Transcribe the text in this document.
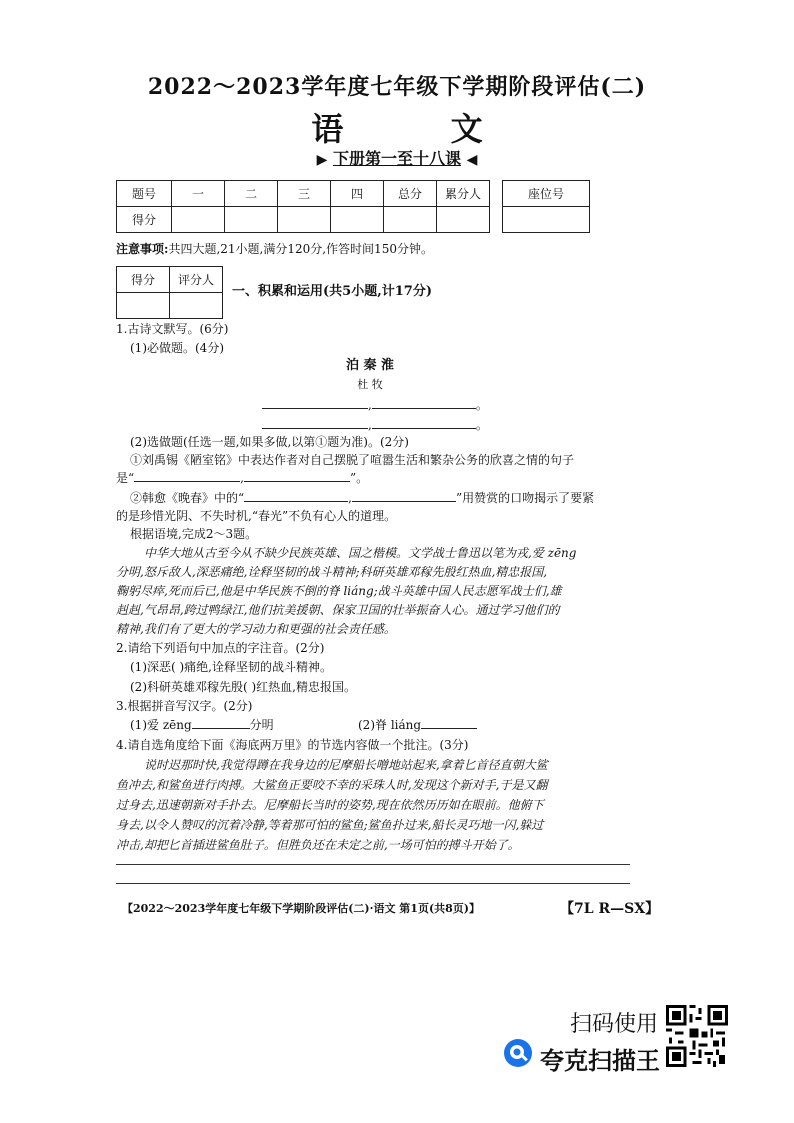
2022～2023学年度七年级下学期阶段评估(二)
语 文
▶ 下册第一至十八课 ◀
题号	一	二	三	四	总分	累分人
得分						
座位号

注意事项:共四大题,21小题,满分120分,作答时间150分钟。
得分	评分人

一、积累和运用(共5小题,计17分)
1.古诗文默写。(6分)
(1)必做题。(4分)
泊 秦 淮
杜 牧
,	。
,	。
(2)选做题(任选一题,如果多做,以第①题为准)。(2分)
①刘禹锡《陋室铭》中表达作者对自己摆脱了喧嚣生活和繁杂公务的欣喜之情的句子
是“	,	”。
②韩愈《晚春》中的“	,	”用赞赏的口吻揭示了要紧
的是珍惜光阴、不失时机,“春光”不负有心人的道理。
根据语境,完成2～3题。
中华大地从古至今从不缺少民族英雄、国之楷模。文学战士鲁迅以笔为戎,爱 zēng
分明,怒斥敌人,深恶痛绝,诠释坚韧的战斗精神;科研英雄邓稼先殷红热血,精忠报国,
鞠躬尽瘁,死而后已,他是中华民族不倒的脊 liáng;战斗英雄中国人民志愿军战士们,雄
赳赳,气昂昂,跨过鸭绿江,他们抗美援朝、保家卫国的壮举振奋人心。通过学习他们的
精神,我们有了更大的学习动力和更强的社会责任感。
2.请给下列语句中加点的字注音。(2分)
(1)深恶( )痛绝,诠释坚韧的战斗精神。
(2)科研英雄邓稼先殷( )红热血,精忠报国。
3.根据拼音写汉字。(2分)
(1)爱 zēng	分明	(2)脊 liáng
4.请自选角度给下面《海底两万里》的节选内容做一个批注。(3分)
说时迟那时快,我觉得蹲在我身边的尼摩船长噌地站起来,拿着匕首径直朝大鲨
鱼冲去,和鲨鱼进行肉搏。大鲨鱼正要咬不幸的采珠人时,发现这个新对手,于是又翻
过身去,迅速朝新对手扑去。尼摩船长当时的姿势,现在依然历历如在眼前。他俯下
身去,以令人赞叹的沉着冷静,等着那可怕的鲨鱼;鲨鱼扑过来,船长灵巧地一闪,躲过
冲击,却把匕首插进鲨鱼肚子。但胜负还在未定之前,一场可怕的搏斗开始了。
【2022～2023学年度七年级下学期阶段评估(二)·语文 第1页(共8页)】	【7L R—SX】
扫码使用
夸克扫描王
